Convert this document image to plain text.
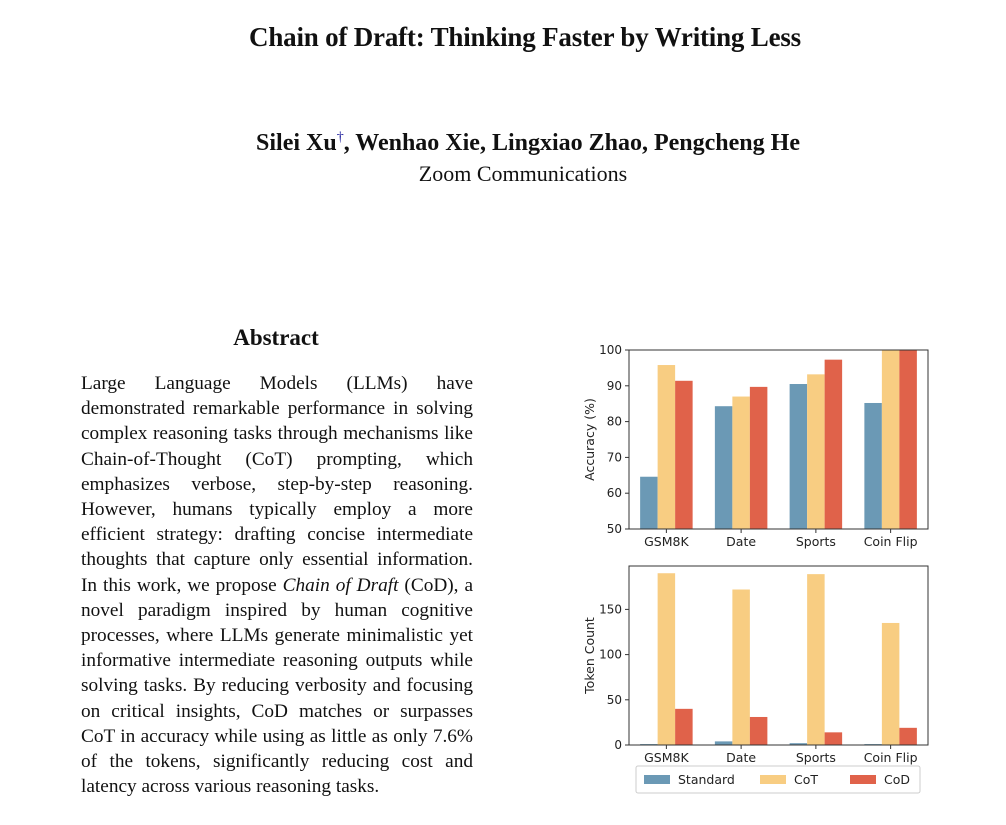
Chain of Draft: Thinking Faster by Writing Less
Silei Xu†, Wenhao Xie, Lingxiao Zhao, Pengcheng He
Zoom Communications
Abstract
Large Language Models (LLMs) have demonstrated remarkable performance in solving complex reasoning tasks through mechanisms like Chain-of-Thought (CoT) prompting, which emphasizes verbose, step-by-step reasoning. However, humans typically employ a more efficient strategy: drafting concise intermediate thoughts that capture only essential information. In this work, we propose Chain of Draft (CoD), a novel paradigm inspired by human cognitive processes, where LLMs generate minimalistic yet informative intermediate reasoning outputs while solving tasks. By reducing verbosity and focusing on critical insights, CoD matches or surpasses CoT in accuracy while using as little as only 7.6% of the tokens, significantly reducing cost and latency across various reasoning tasks.
GSM8K	Date	Sports Coin Flip
50
60
70
80
90
100
Accuracy (%)
GSM8K	Date	Sports Coin Flip
0
50
100
150
Token Count
Standard	CoT	CoD
